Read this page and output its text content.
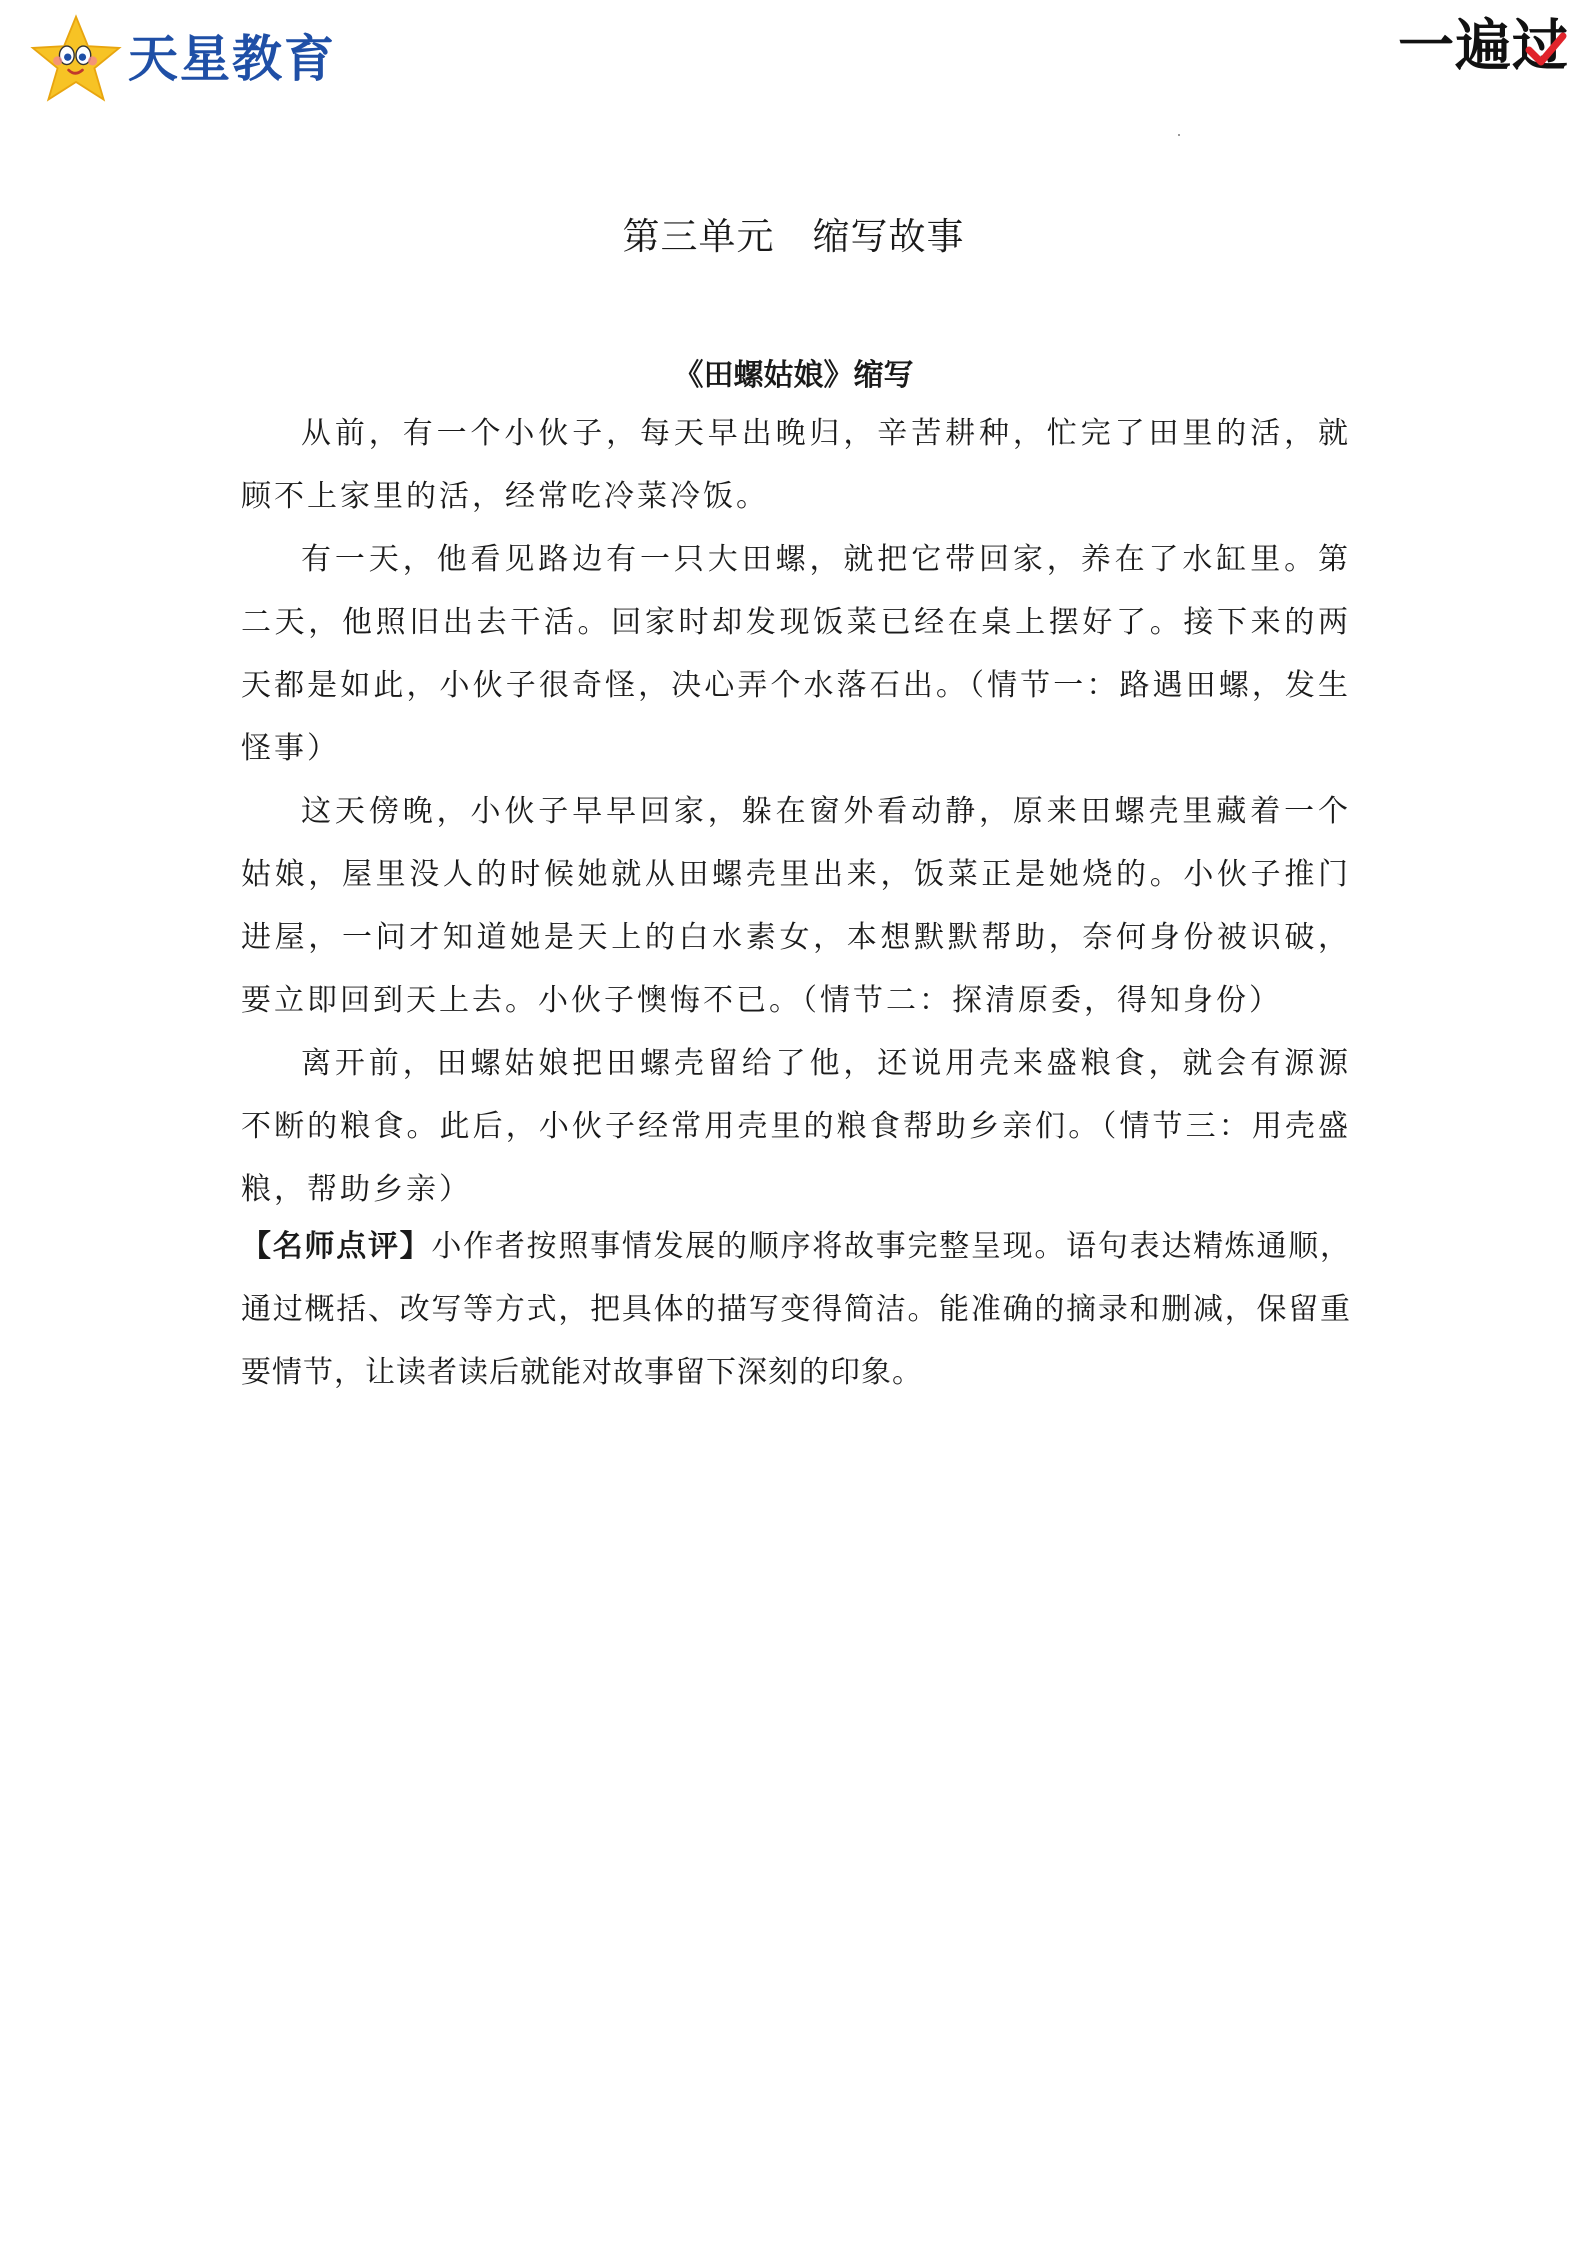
天星教育	一遍过
第三单元　缩写故事
《田螺姑娘》缩写

从前，有一个小伙子，每天早出晚归，辛苦耕种，忙完了田里的活，就顾不上家里的活，经常吃冷菜冷饭。

有一天，他看见路边有一只大田螺，就把它带回家，养在了水缸里。第二天，他照旧出去干活。回家时却发现饭菜已经在桌上摆好了。接下来的两天都是如此，小伙子很奇怪，决心弄个水落石出。（情节一：路遇田螺，发生怪事）

这天傍晚，小伙子早早回家，躲在窗外看动静，原来田螺壳里藏着一个姑娘，屋里没人的时候她就从田螺壳里出来，饭菜正是她烧的。小伙子推门进屋，一问才知道她是天上的白水素女，本想默默帮助，奈何身份被识破，要立即回到天上去。小伙子懊悔不已。（情节二：探清原委，得知身份）

离开前，田螺姑娘把田螺壳留给了他，还说用壳来盛粮食，就会有源源不断的粮食。此后，小伙子经常用壳里的粮食帮助乡亲们。（情节三：用壳盛粮，帮助乡亲）

【名师点评】小作者按照事情发展的顺序将故事完整呈现。语句表达精炼通顺，通过概括、改写等方式，把具体的描写变得简洁。能准确的摘录和删减，保留重要情节，让读者读后就能对故事留下深刻的印象。
